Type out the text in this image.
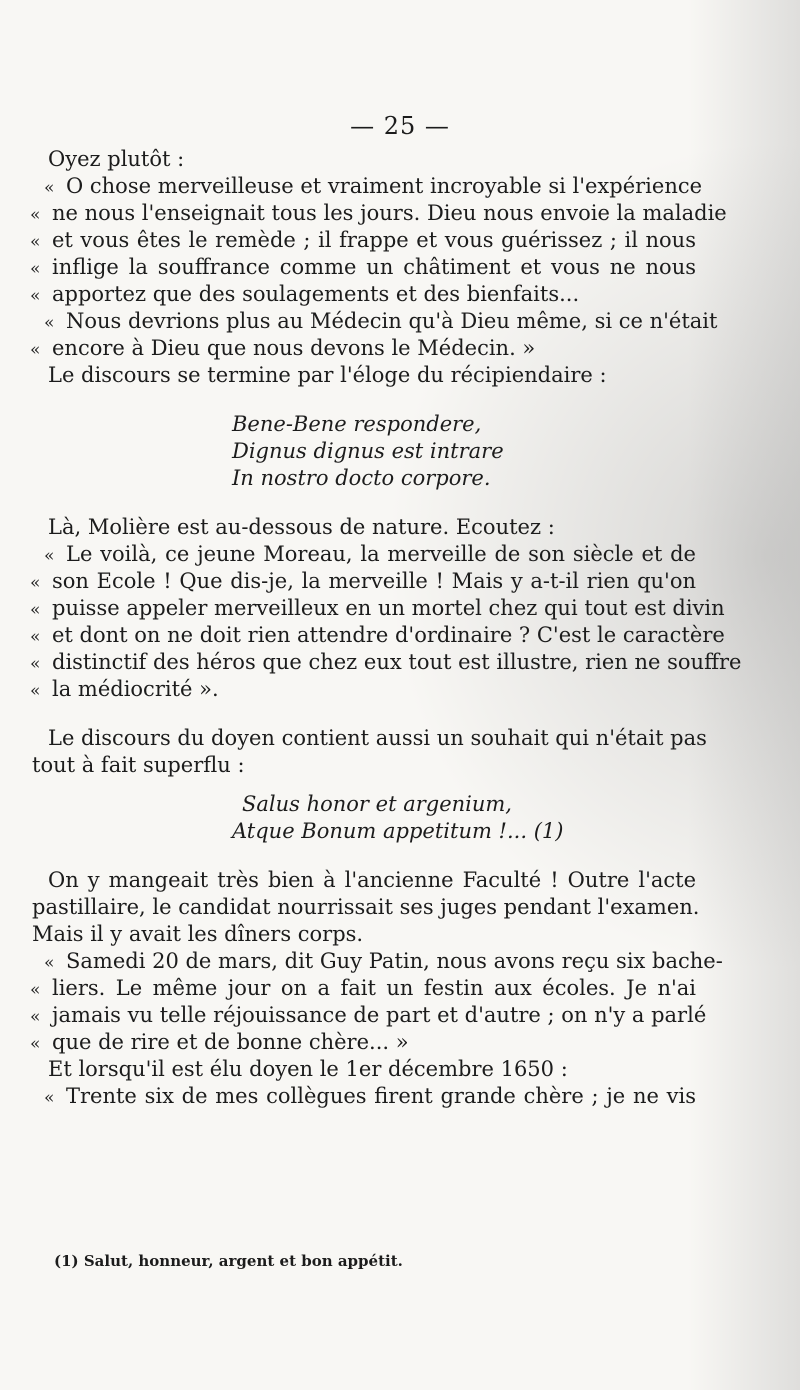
— 25 —
Oyez plutôt :
« O chose merveilleuse et vraiment incroyable si l'expérience
« ne nous l'enseignait tous les jours. Dieu nous envoie la maladie
« et vous êtes le remède ; il frappe et vous guérissez ; il nous
« inflige la souffrance comme un châtiment et vous ne nous
« apportez que des soulagements et des bienfaits...
« Nous devrions plus au Médecin qu'à Dieu même, si ce n'était
« encore à Dieu que nous devons le Médecin. »
Le discours se termine par l'éloge du récipiendaire :
Bene-Bene respondere,
Dignus dignus est intrare
In nostro docto corpore.
Là, Molière est au-dessous de nature. Ecoutez :
« Le voilà, ce jeune Moreau, la merveille de son siècle et de
« son Ecole ! Que dis-je, la merveille ! Mais y a-t-il rien qu'on
« puisse appeler merveilleux en un mortel chez qui tout est divin
« et dont on ne doit rien attendre d'ordinaire ? C'est le caractère
« distinctif des héros que chez eux tout est illustre, rien ne souffre
« la médiocrité ».
Le discours du doyen contient aussi un souhait qui n'était pas
tout à fait superflu :
Salus honor et argenium,
Atque Bonum appetitum !... (1)
On y mangeait très bien à l'ancienne Faculté ! Outre l'acte
pastillaire, le candidat nourrissait ses juges pendant l'examen.
Mais il y avait les dîners corps.
« Samedi 20 de mars, dit Guy Patin, nous avons reçu six bache-
« liers. Le même jour on a fait un festin aux écoles. Je n'ai
« jamais vu telle réjouissance de part et d'autre ; on n'y a parlé
« que de rire et de bonne chère... »
Et lorsqu'il est élu doyen le 1er décembre 1650 :
« Trente six de mes collègues firent grande chère ; je ne vis
(1) Salut, honneur, argent et bon appétit.
